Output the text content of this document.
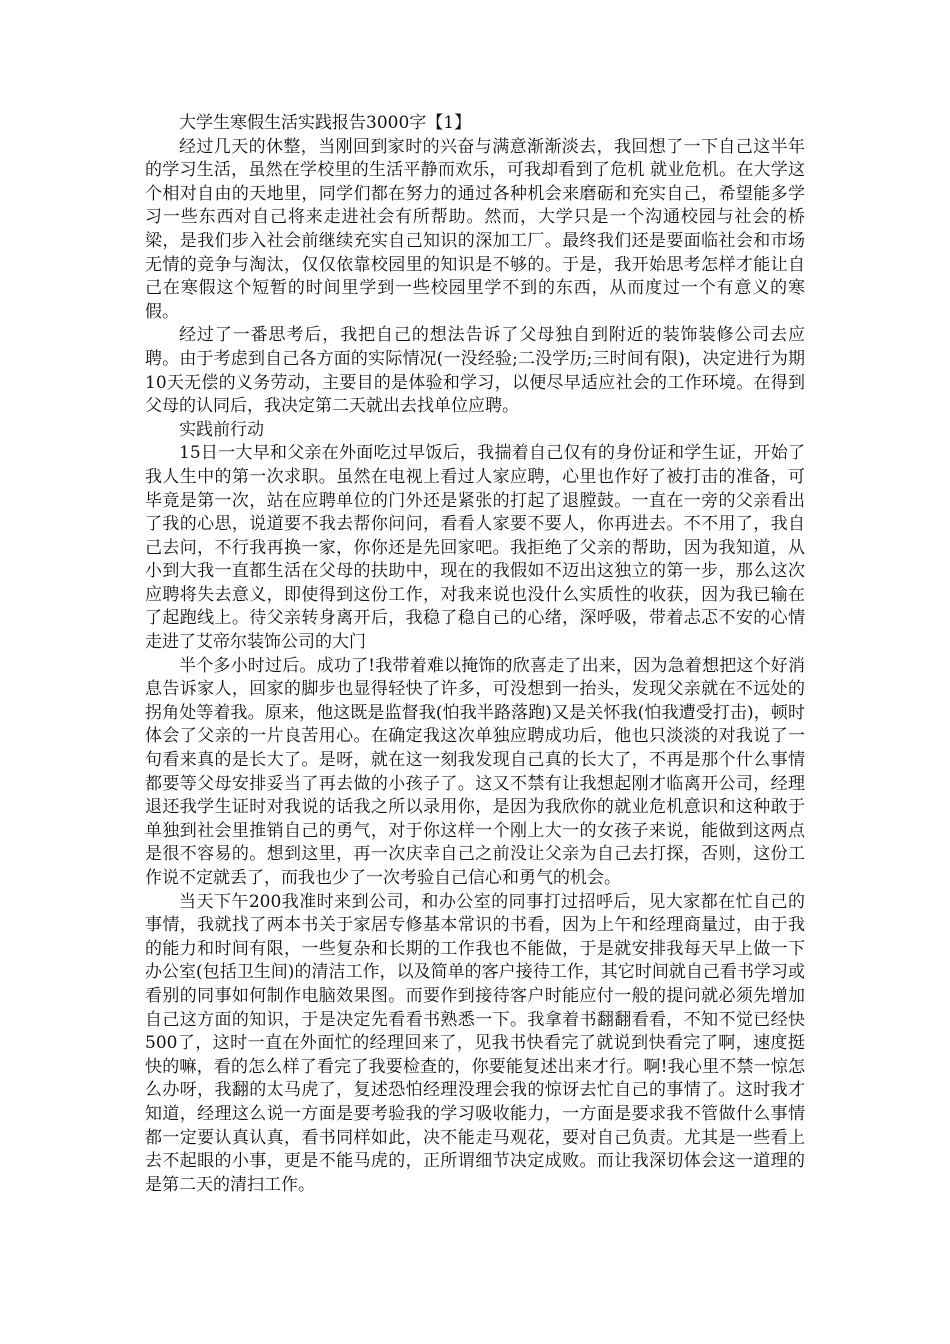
大学生寒假生活实践报告3000字【1】

经过几天的休整，当刚回到家时的兴奋与满意渐渐淡去，我回想了一下自己这半年的学习生活，虽然在学校里的生活平静而欢乐，可我却看到了危机 就业危机。在大学这个相对自由的天地里，同学们都在努力的通过各种机会来磨砺和充实自己，希望能多学习一些东西对自己将来走进社会有所帮助。然而，大学只是一个沟通校园与社会的桥梁，是我们步入社会前继续充实自己知识的深加工厂。最终我们还是要面临社会和市场无情的竞争与淘汰，仅仅依靠校园里的知识是不够的。于是，我开始思考怎样才能让自己在寒假这个短暂的时间里学到一些校园里学不到的东西，从而度过一个有意义的寒假。

经过了一番思考后，我把自己的想法告诉了父母独自到附近的装饰装修公司去应聘。由于考虑到自己各方面的实际情况(一没经验;二没学历;三时间有限)，决定进行为期10天无偿的义务劳动，主要目的是体验和学习，以便尽早适应社会的工作环境。在得到父母的认同后，我决定第二天就出去找单位应聘。

实践前行动

15日一大早和父亲在外面吃过早饭后，我揣着自己仅有的身份证和学生证，开始了我人生中的第一次求职。虽然在电视上看过人家应聘，心里也作好了被打击的准备，可毕竟是第一次，站在应聘单位的门外还是紧张的打起了退膛鼓。一直在一旁的父亲看出了我的心思，说道要不我去帮你问问，看看人家要不要人，你再进去。不不用了，我自己去问，不行我再换一家，你你还是先回家吧。我拒绝了父亲的帮助，因为我知道，从小到大我一直都生活在父母的扶助中，现在的我假如不迈出这独立的第一步，那么这次应聘将失去意义，即使得到这份工作，对我来说也没什么实质性的收获，因为我已输在了起跑线上。待父亲转身离开后，我稳了稳自己的心绪，深呼吸，带着忐忑不安的心情走进了艾帝尔装饰公司的大门

半个多小时过后。成功了!我带着难以掩饰的欣喜走了出来，因为急着想把这个好消息告诉家人，回家的脚步也显得轻快了许多，可没想到一抬头，发现父亲就在不远处的拐角处等着我。原来，他这既是监督我(怕我半路落跑)又是关怀我(怕我遭受打击)，顿时体会了父亲的一片良苦用心。在确定我这次单独应聘成功后，他也只淡淡的对我说了一句看来真的是长大了。是呀，就在这一刻我发现自己真的长大了，不再是那个什么事情都要等父母安排妥当了再去做的小孩子了。这又不禁有让我想起刚才临离开公司，经理退还我学生证时对我说的话我之所以录用你，是因为我欣你的就业危机意识和这种敢于单独到社会里推销自己的勇气，对于你这样一个刚上大一的女孩子来说，能做到这两点是很不容易的。想到这里，再一次庆幸自己之前没让父亲为自己去打探，否则，这份工作说不定就丢了，而我也少了一次考验自己信心和勇气的机会。

当天下午200我准时来到公司，和办公室的同事打过招呼后，见大家都在忙自己的事情，我就找了两本书关于家居专修基本常识的书看，因为上午和经理商量过，由于我的能力和时间有限，一些复杂和长期的工作我也不能做，于是就安排我每天早上做一下办公室(包括卫生间)的清洁工作，以及简单的客户接待工作，其它时间就自己看书学习或看别的同事如何制作电脑效果图。而要作到接待客户时能应付一般的提问就必须先增加自己这方面的知识，于是决定先看看书熟悉一下。我拿着书翻翻看看，不知不觉已经快500了，这时一直在外面忙的经理回来了，见我书快看完了就说到快看完了啊，速度挺快的嘛，看的怎么样了看完了我要检查的，你要能复述出来才行。啊!我心里不禁一惊怎么办呀，我翻的太马虎了，复述恐怕经理没理会我的惊讶去忙自己的事情了。这时我才知道，经理这么说一方面是要考验我的学习吸收能力，一方面是要求我不管做什么事情都一定要认真认真，看书同样如此，决不能走马观花，要对自己负责。尤其是一些看上去不起眼的小事，更是不能马虎的，正所谓细节决定成败。而让我深切体会这一道理的是第二天的清扫工作。
